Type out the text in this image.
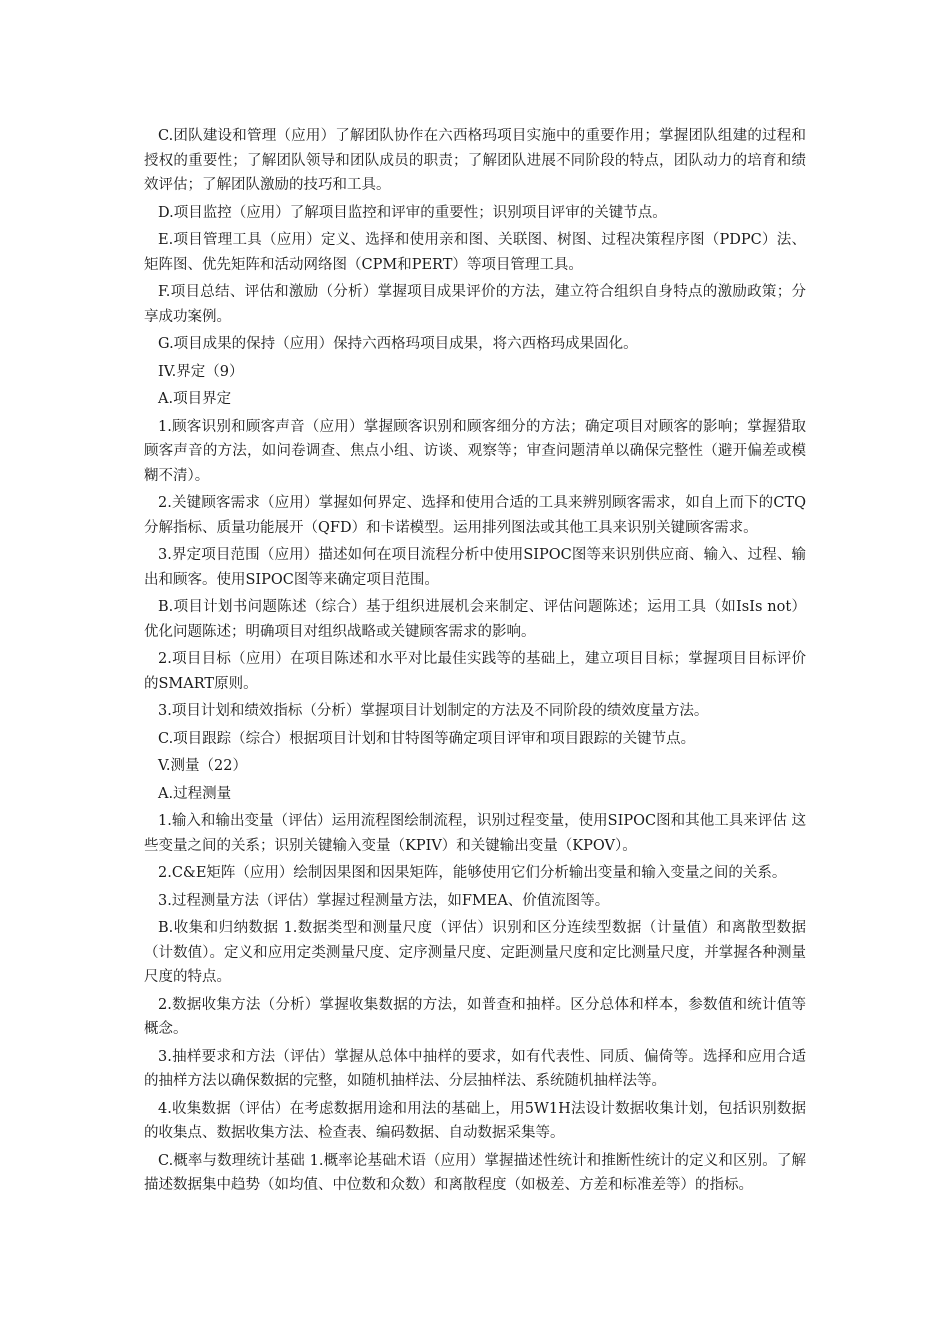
C.团队建设和管理（应用）了解团队协作在六西格玛项目实施中的重要作用；掌握团队组建的过程和授权的重要性；了解团队领导和团队成员的职责；了解团队进展不同阶段的特点，团队动力的培育和绩效评估；了解团队激励的技巧和工具。

D.项目监控（应用）了解项目监控和评审的重要性；识别项目评审的关键节点。

E.项目管理工具（应用）定义、选择和使用亲和图、关联图、树图、过程决策程序图（PDPC）法、矩阵图、优先矩阵和活动网络图（CPM和PERT）等项目管理工具。

F.项目总结、评估和激励（分析）掌握项目成果评价的方法，建立符合组织自身特点的激励政策；分享成功案例。

G.项目成果的保持（应用）保持六西格玛项目成果，将六西格玛成果固化。

IV.界定（9）

A.项目界定

1.顾客识别和顾客声音（应用）掌握顾客识别和顾客细分的方法；确定项目对顾客的影响；掌握猎取顾客声音的方法，如问卷调查、焦点小组、访谈、观察等；审查问题清单以确保完整性（避开偏差或模糊不清）。

2.关键顾客需求（应用）掌握如何界定、选择和使用合适的工具来辨别顾客需求，如自上而下的CTQ分解指标、质量功能展开（QFD）和卡诺模型。运用排列图法或其他工具来识别关键顾客需求。

3.界定项目范围（应用）描述如何在项目流程分析中使用SIPOC图等来识别供应商、输入、过程、输出和顾客。使用SIPOC图等来确定项目范围。

B.项目计划书问题陈述（综合）基于组织进展机会来制定、评估问题陈述；运用工具（如IsIs not）优化问题陈述；明确项目对组织战略或关键顾客需求的影响。

2.项目目标（应用）在项目陈述和水平对比最佳实践等的基础上，建立项目目标；掌握项目目标评价的SMART原则。

3.项目计划和绩效指标（分析）掌握项目计划制定的方法及不同阶段的绩效度量方法。

C.项目跟踪（综合）根据项目计划和甘特图等确定项目评审和项目跟踪的关键节点。

V.测量（22）

A.过程测量

1.输入和输出变量（评估）运用流程图绘制流程，识别过程变量，使用SIPOC图和其他工具来评估 这些变量之间的关系；识别关键输入变量（KPIV）和关键输出变量（KPOV）。

2.C&E矩阵（应用）绘制因果图和因果矩阵，能够使用它们分析输出变量和输入变量之间的关系。

3.过程测量方法（评估）掌握过程测量方法，如FMEA、价值流图等。

B.收集和归纳数据 1.数据类型和测量尺度（评估）识别和区分连续型数据（计量值）和离散型数据（计数值）。定义和应用定类测量尺度、定序测量尺度、定距测量尺度和定比测量尺度，并掌握各种测量尺度的特点。

2.数据收集方法（分析）掌握收集数据的方法，如普查和抽样。区分总体和样本，参数值和统计值等概念。

3.抽样要求和方法（评估）掌握从总体中抽样的要求，如有代表性、同质、偏倚等。选择和应用合适的抽样方法以确保数据的完整，如随机抽样法、分层抽样法、系统随机抽样法等。

4.收集数据（评估）在考虑数据用途和用法的基础上，用5W1H法设计数据收集计划，包括识别数据的收集点、数据收集方法、检查表、编码数据、自动数据采集等。

C.概率与数理统计基础 1.概率论基础术语（应用）掌握描述性统计和推断性统计的定义和区别。了解描述数据集中趋势（如均值、中位数和众数）和离散程度（如极差、方差和标准差等）的指标。
